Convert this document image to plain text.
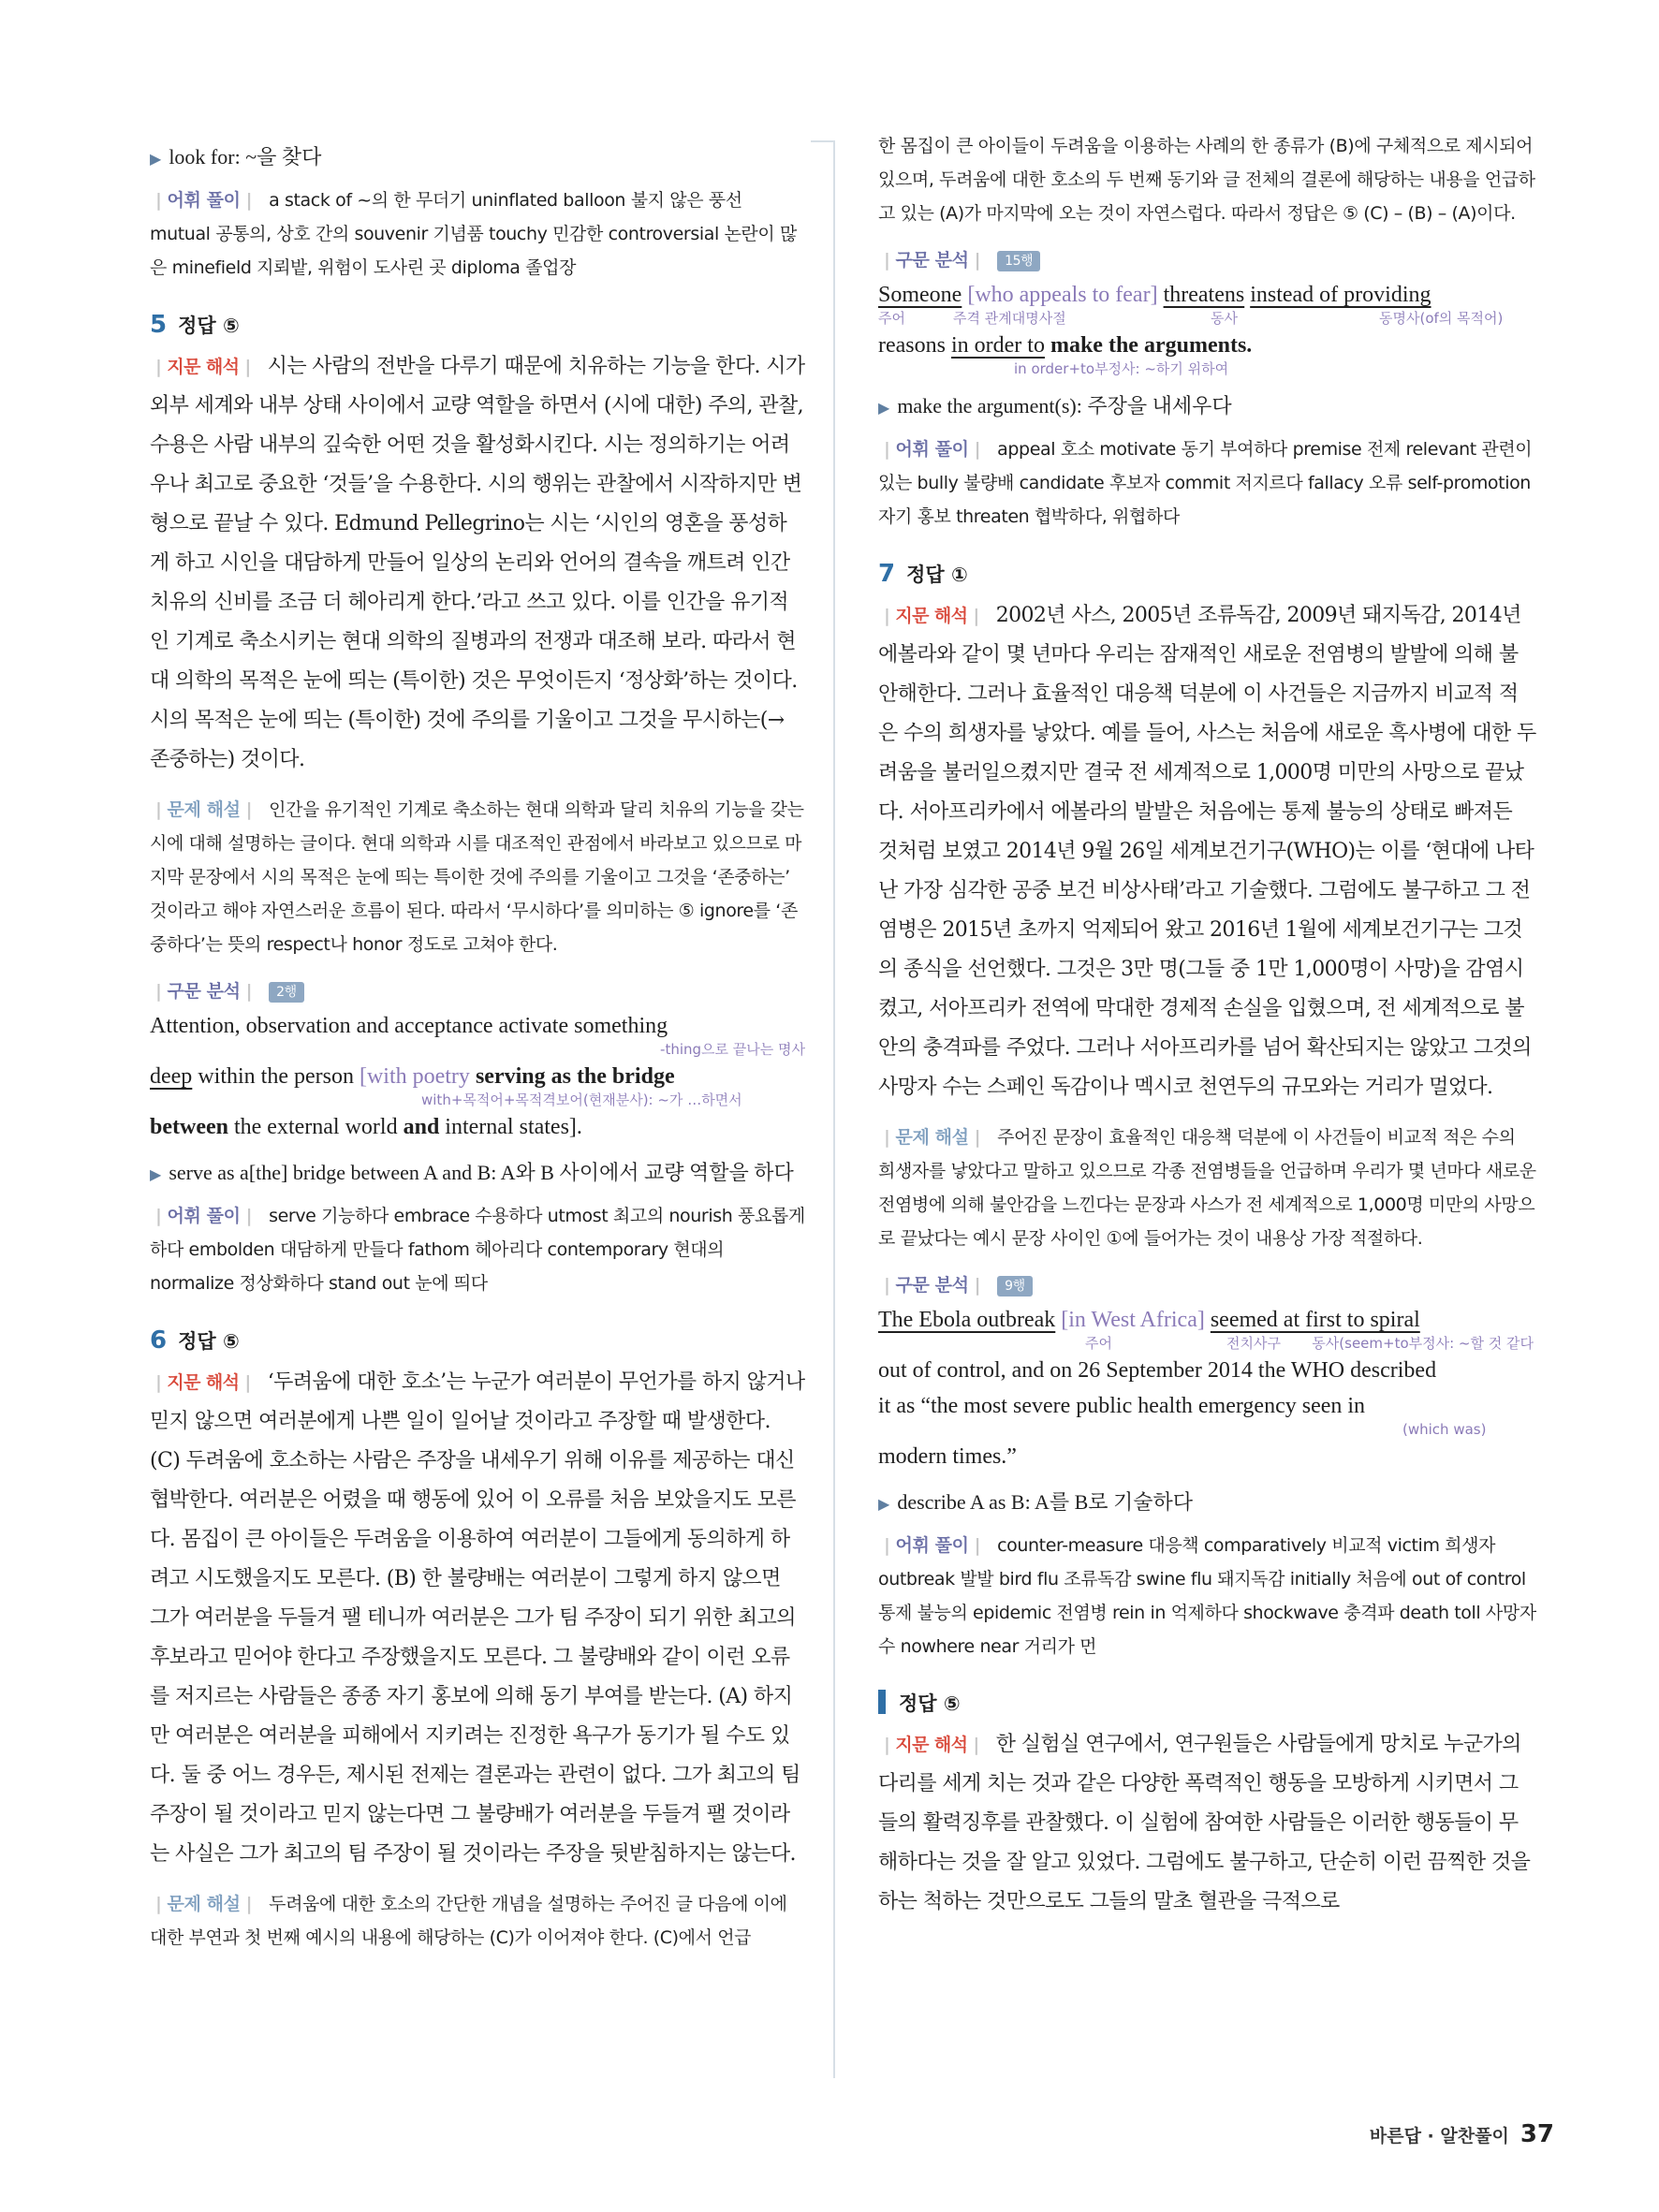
▶ look for: ~을 찾다

| 어휘 풀이 | a stack of ~의 한 무더기 uninflated balloon 불지 않은 풍선 mutual 공통의, 상호 간의 souvenir 기념품 touchy 민감한 controversial 논란이 많은 minefield 지뢰밭, 위험이 도사린 곳 diploma 졸업장

5 정답 ⑤

| 지문 해석 | 시는 사람의 전반을 다루기 때문에 치유하는 기능을 한다. 시가 외부 세계와 내부 상태 사이에서 교량 역할을 하면서 (시에 대한) 주의, 관찰, 수용은 사람 내부의 깊숙한 어떤 것을 활성화시킨다. 시는 정의하기는 어려우나 최고로 중요한 ‘것들’을 수용한다. 시의 행위는 관찰에서 시작하지만 변형으로 끝날 수 있다. Edmund Pellegrino는 시는 ‘시인의 영혼을 풍성하게 하고 시인을 대담하게 만들어 일상의 논리와 언어의 결속을 깨트려 인간 치유의 신비를 조금 더 헤아리게 한다.’라고 쓰고 있다. 이를 인간을 유기적인 기계로 축소시키는 현대 의학의 질병과의 전쟁과 대조해 보라. 따라서 현대 의학의 목적은 눈에 띄는 (특이한) 것은 무엇이든지 ‘정상화’하는 것이다. 시의 목적은 눈에 띄는 (특이한) 것에 주의를 기울이고 그것을 무시하는(→ 존중하는) 것이다.

| 문제 해설 | 인간을 유기적인 기계로 축소하는 현대 의학과 달리 치유의 기능을 갖는 시에 대해 설명하는 글이다. 현대 의학과 시를 대조적인 관점에서 바라보고 있으므로 마지막 문장에서 시의 목적은 눈에 띄는 특이한 것에 주의를 기울이고 그것을 ‘존중하는’ 것이라고 해야 자연스러운 흐름이 된다. 따라서 ‘무시하다’를 의미하는 ⑤ ignore를 ‘존중하다’는 뜻의 respect나 honor 정도로 고쳐야 한다.

| 구문 분석 | 2행

Attention, observation and acceptance activate something

-thing으로 끝나는 명사

deep within the person [with poetry serving as the bridge

with+목적어+목적격보어(현재분사): ~가 …하면서

between the external world and internal states].

▶ serve as a[the] bridge between A and B: A와 B 사이에서 교량 역할을 하다

| 어휘 풀이 | serve 기능하다 embrace 수용하다 utmost 최고의 nourish 풍요롭게 하다 embolden 대담하게 만들다 fathom 헤아리다 contemporary 현대의 normalize 정상화하다 stand out 눈에 띄다

6 정답 ⑤

| 지문 해석 | ‘두려움에 대한 호소’는 누군가 여러분이 무언가를 하지 않거나 믿지 않으면 여러분에게 나쁜 일이 일어날 것이라고 주장할 때 발생한다. (C) 두려움에 호소하는 사람은 주장을 내세우기 위해 이유를 제공하는 대신 협박한다. 여러분은 어렸을 때 행동에 있어 이 오류를 처음 보았을지도 모른다. 몸집이 큰 아이들은 두려움을 이용하여 여러분이 그들에게 동의하게 하려고 시도했을지도 모른다. (B) 한 불량배는 여러분이 그렇게 하지 않으면 그가 여러분을 두들겨 팰 테니까 여러분은 그가 팀 주장이 되기 위한 최고의 후보라고 믿어야 한다고 주장했을지도 모른다. 그 불량배와 같이 이런 오류를 저지르는 사람들은 종종 자기 홍보에 의해 동기 부여를 받는다. (A) 하지만 여러분은 여러분을 피해에서 지키려는 진정한 욕구가 동기가 될 수도 있다. 둘 중 어느 경우든, 제시된 전제는 결론과는 관련이 없다. 그가 최고의 팀 주장이 될 것이라고 믿지 않는다면 그 불량배가 여러분을 두들겨 팰 것이라는 사실은 그가 최고의 팀 주장이 될 것이라는 주장을 뒷받침하지는 않는다.

| 문제 해설 | 두려움에 대한 호소의 간단한 개념을 설명하는 주어진 글 다음에 이에 대한 부연과 첫 번째 예시의 내용에 해당하는 (C)가 이어져야 한다. (C)에서 언급

한 몸집이 큰 아이들이 두려움을 이용하는 사례의 한 종류가 (B)에 구체적으로 제시되어 있으며, 두려움에 대한 호소의 두 번째 동기와 글 전체의 결론에 해당하는 내용을 언급하고 있는 (A)가 마지막에 오는 것이 자연스럽다. 따라서 정답은 ⑤ (C) – (B) – (A)이다.

| 구문 분석 | 15행

Someone [who appeals to fear] threatens instead of providing

주어	주격 관계대명사절	동사	동명사(of의 목적어)

reasons in order to make the arguments.

in order+to부정사: ~하기 위하여

▶ make the argument(s): 주장을 내세우다

| 어휘 풀이 | appeal 호소 motivate 동기 부여하다 premise 전제 relevant 관련이 있는 bully 불량배 candidate 후보자 commit 저지르다 fallacy 오류 self-promotion 자기 홍보 threaten 협박하다, 위협하다

7 정답 ①

| 지문 해석 | 2002년 사스, 2005년 조류독감, 2009년 돼지독감, 2014년 에볼라와 같이 몇 년마다 우리는 잠재적인 새로운 전염병의 발발에 의해 불안해한다. 그러나 효율적인 대응책 덕분에 이 사건들은 지금까지 비교적 적은 수의 희생자를 낳았다. 예를 들어, 사스는 처음에 새로운 흑사병에 대한 두려움을 불러일으켰지만 결국 전 세계적으로 1,000명 미만의 사망으로 끝났다. 서아프리카에서 에볼라의 발발은 처음에는 통제 불능의 상태로 빠져든 것처럼 보였고 2014년 9월 26일 세계보건기구(WHO)는 이를 ‘현대에 나타난 가장 심각한 공중 보건 비상사태’라고 기술했다. 그럼에도 불구하고 그 전염병은 2015년 초까지 억제되어 왔고 2016년 1월에 세계보건기구는 그것의 종식을 선언했다. 그것은 3만 명(그들 중 1만 1,000명이 사망)을 감염시켰고, 서아프리카 전역에 막대한 경제적 손실을 입혔으며, 전 세계적으로 불안의 충격파를 주었다. 그러나 서아프리카를 넘어 확산되지는 않았고 그것의 사망자 수는 스페인 독감이나 멕시코 천연두의 규모와는 거리가 멀었다.

| 문제 해설 | 주어진 문장이 효율적인 대응책 덕분에 이 사건들이 비교적 적은 수의 희생자를 낳았다고 말하고 있으므로 각종 전염병들을 언급하며 우리가 몇 년마다 새로운 전염병에 의해 불안감을 느낀다는 문장과 사스가 전 세계적으로 1,000명 미만의 사망으로 끝났다는 예시 문장 사이인 ①에 들어가는 것이 내용상 가장 적절하다.

| 구문 분석 | 9행

The Ebola outbreak [in West Africa] seemed at first to spiral

주어	전치사구	동사(seem+to부정사: ~할 것 같다

out of control, and on 26 September 2014 the WHO described

it as “the most severe public health emergency seen in

(which was)

modern times.”

▶ describe A as B: A를 B로 기술하다

| 어휘 풀이 | counter-measure 대응책 comparatively 비교적 victim 희생자 outbreak 발발 bird flu 조류독감 swine flu 돼지독감 initially 처음에 out of control 통제 불능의 epidemic 전염병 rein in 억제하다 shockwave 충격파 death toll 사망자 수 nowhere near 거리가 먼

정답 ⑤

| 지문 해석 | 한 실험실 연구에서, 연구원들은 사람들에게 망치로 누군가의 다리를 세게 치는 것과 같은 다양한 폭력적인 행동을 모방하게 시키면서 그들의 활력징후를 관찰했다. 이 실험에 참여한 사람들은 이러한 행동들이 무해하다는 것을 잘 알고 있었다. 그럼에도 불구하고, 단순히 이런 끔찍한 것을 하는 척하는 것만으로도 그들의 말초 혈관을 극적으로

바른답 · 알찬풀이 37
